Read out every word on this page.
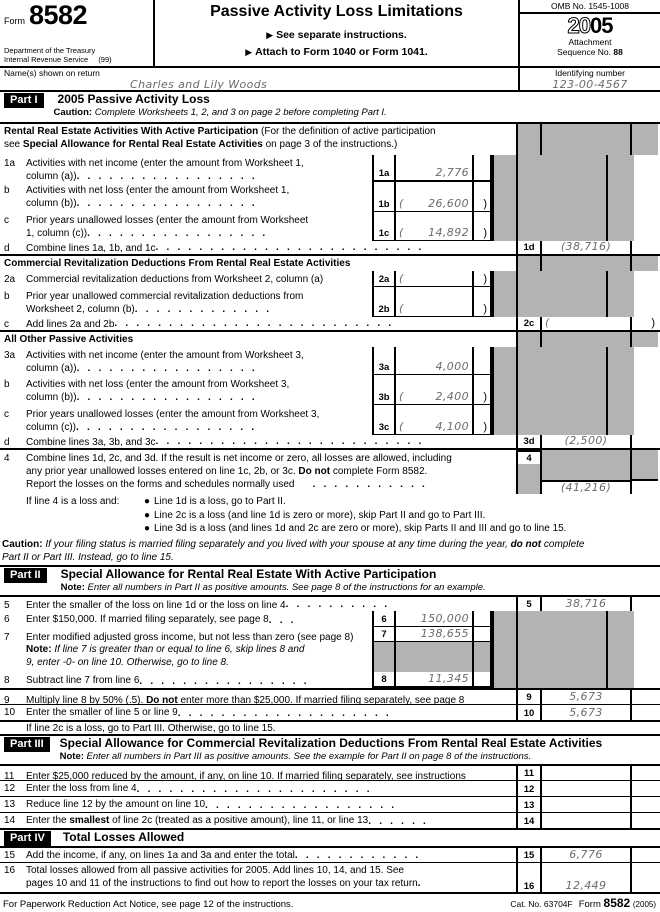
Form 8582
Department of the Treasury
Internal Revenue Service (99)
Passive Activity Loss Limitations
▶ See separate instructions.
▶ Attach to Form 1040 or Form 1041.
OMB No. 1545-1008
2005
Attachment
Sequence No. 88
Name(s) shown on return
Charles and Lily Woods
Identifying number
123-00-4567
Part I	2005 Passive Activity Loss
Caution: Complete Worksheets 1, 2, and 3 on page 2 before completing Part I.
Rental Real Estate Activities With Active Participation (For the definition of active participation
see Special Allowance for Rental Real Estate Activities on page 3 of the instructions.)
1a Activities with net income (enter the amount from Worksheet 1,
column (a)) . . . . . . . . . . . . . . . . .	1a	2,776
b Activities with net loss (enter the amount from Worksheet 1,
column (b)) . . . . . . . . . . . . . . . . .	1b ( 26,600 )
c Prior years unallowed losses (enter the amount from Worksheet
1, column (c)) . . . . . . . . . . . . . . . . .	1c ( 14,892 )
d Combine lines 1a, 1b, and 1c . . . . . . . . . . . . . . . . . . . . . . . . .	1d	(38,716)
Commercial Revitalization Deductions From Rental Real Estate Activities
2a Commercial revitalization deductions from Worksheet 2, column (a)	2a (	)
b Prior year unallowed commercial revitalization deductions from
Worksheet 2, column (b) . . . . . . . . . . . . .	2b (	)
c Add lines 2a and 2b . . . . . . . . . . . . . . . . . . . . . . . . . .	2c (	)
All Other Passive Activities
3a Activities with net income (enter the amount from Worksheet 3,
column (a)) . . . . . . . . . . . . . . . . .	3a	4,000
b Activities with net loss (enter the amount from Worksheet 3,
column (b)) . . . . . . . . . . . . . . . . .	3b (	2,400 )
c Prior years unallowed losses (enter the amount from Worksheet 3,
column (c)) . . . . . . . . . . . . . . . . .	3c (	4,100 )
d Combine lines 3a, 3b, and 3c . . . . . . . . . . . . . . . . . . . . . . . . .	3d	(2,500)
4 Combine lines 1d, 2c, and 3d. If the result is net income or zero, all losses are allowed, including
any prior year unallowed losses entered on line 1c, 2b, or 3c. Do not complete Form 8582.
Report the losses on the forms and schedules normally used	. . . . . . . . . . .
4
(41,216)
If line 4 is a loss and:	● Line 1d is a loss, go to Part II.
● Line 2c is a loss (and line 1d is zero or more), skip Part II and go to Part III.
● Line 3d is a loss (and lines 1d and 2c are zero or more), skip Parts II and III and go to line 15.
Caution: If your filing status is married filing separately and you lived with your spouse at any time during the year, do not complete
Part II or Part III. Instead, go to line 15.
Part II	Special Allowance for Rental Real Estate With Active Participation
Note: Enter all numbers in Part II as positive amounts. See page 8 of the instructions for an example.
5 Enter the smaller of the loss on line 1d or the loss on line 4 . . . . . . . . . .	5	38,716
6 Enter $150,000. If married filing separately, see page 8 . . .	6	150,000
7 Enter modified adjusted gross income, but not less than zero (see page 8)	7	138,655
Note: If line 7 is greater than or equal to line 6, skip lines 8 and
9, enter -0- on line 10. Otherwise, go to line 8.
8 Subtract line 7 from line 6 . . . . . . . . . . . . . . . .	8	11,345
9 Multiply line 8 by 50% (.5). Do not enter more than $25,000. If married filing separately, see page 8	9	5,673
10 Enter the smaller of line 5 or line 9 . . . . . . . . . . . . . . . . . . . .	10	5,673
If line 2c is a loss, go to Part III. Otherwise, go to line 15.
Part III	Special Allowance for Commercial Revitalization Deductions From Rental Real Estate Activities
Note: Enter all numbers in Part III as positive amounts. See the example for Part II on page 8 of the instructions.
11 Enter $25,000 reduced by the amount, if any, on line 10. If married filing separately, see instructions	11
12 Enter the loss from line 4 . . . . . . . . . . . . . . . . . . . . . .	12
13 Reduce line 12 by the amount on line 10 . . . . . . . . . . . . . . . . . .	13
14 Enter the smallest of line 2c (treated as a positive amount), line 11, or line 13 . . . . . .	14
Part IV	Total Losses Allowed
15 Add the income, if any, on lines 1a and 3a and enter the total . . . . . . . . . . . .	15	6,776
16 Total losses allowed from all passive activities for 2005. Add lines 10, 14, and 15. See
pages 10 and 11 of the instructions to find out how to report the losses on your tax return .	16	12,449
For Paperwork Reduction Act Notice, see page 12 of the instructions.	Cat. No. 63704F Form 8582 (2005)
